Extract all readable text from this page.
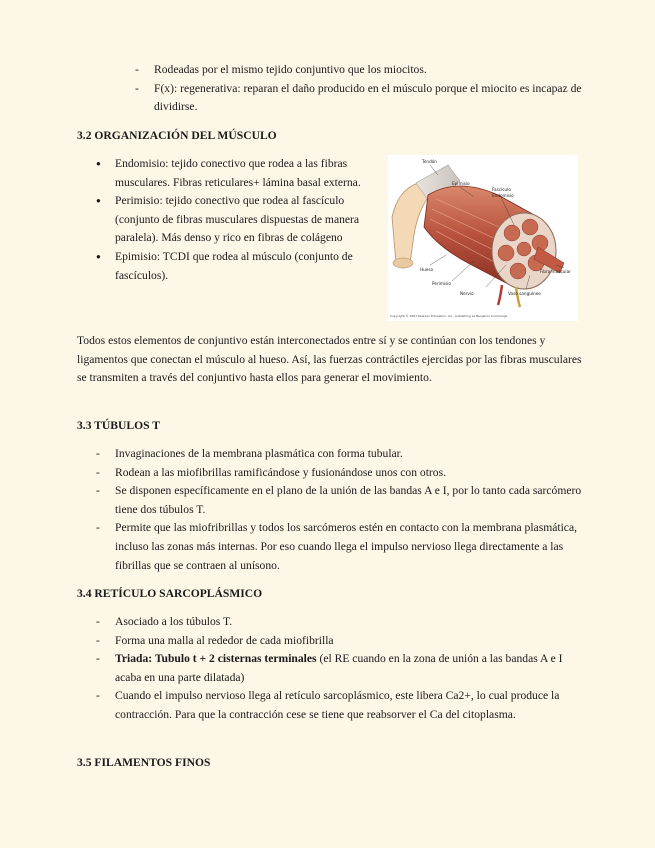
- Rodeadas por el mismo tejido conjuntivo que los miocitos.
- F(x): regenerativa: reparan el daño producido en el músculo porque el miocito es incapaz de dividirse.
3.2 ORGANIZACIÓN DEL MÚSCULO
● Endomisio: tejido conectivo que rodea a las fibras musculares. Fibras reticulares+ lámina basal externa.
● Perimisio: tejido conectivo que rodea al fascículo (conjunto de fibras musculares dispuestas de manera paralela). Más denso y rico en fibras de colágeno
● Epimisio: TCDI que rodea al músculo (conjunto de fascículos).
Tendón
Epimisio
Fascículo
Endomisio
Hueso
Perimisio
Fibra muscular
Nervio	Vaso sanguíneo
Copyright © 2007 Pearson Education, Inc., publishing as Benjamin Cummings.

Todos estos elementos de conjuntivo están interconectados entre sí y se continúan con los tendones y ligamentos que conectan el músculo al hueso. Así, las fuerzas contráctiles ejercidas por las fibras musculares se transmiten a través del conjuntivo hasta ellos para generar el movimiento.

3.3 TÚBULOS T
- Invaginaciones de la membrana plasmática con forma tubular.
- Rodean a las miofibrillas ramificándose y fusionándose unos con otros.
- Se disponen específicamente en el plano de la unión de las bandas A e I, por lo tanto cada sarcómero tiene dos túbulos T.
- Permite que las miofribrillas y todos los sarcómeros estén en contacto con la membrana plasmática, incluso las zonas más internas. Por eso cuando llega el impulso nervioso llega directamente a las fibrillas que se contraen al unísono.
3.4 RETÍCULO SARCOPLÁSMICO
- Asociado a los túbulos T.
- Forma una malla al rededor de cada miofibrilla
- Triada: Tubulo t + 2 cisternas terminales (el RE cuando en la zona de unión a las bandas A e I acaba en una parte dilatada)
- Cuando el impulso nervioso llega al retículo sarcoplásmico, este libera Ca2+, lo cual produce la contracción. Para que la contracción cese se tiene que reabsorver el Ca del citoplasma.
3.5 FILAMENTOS FINOS
